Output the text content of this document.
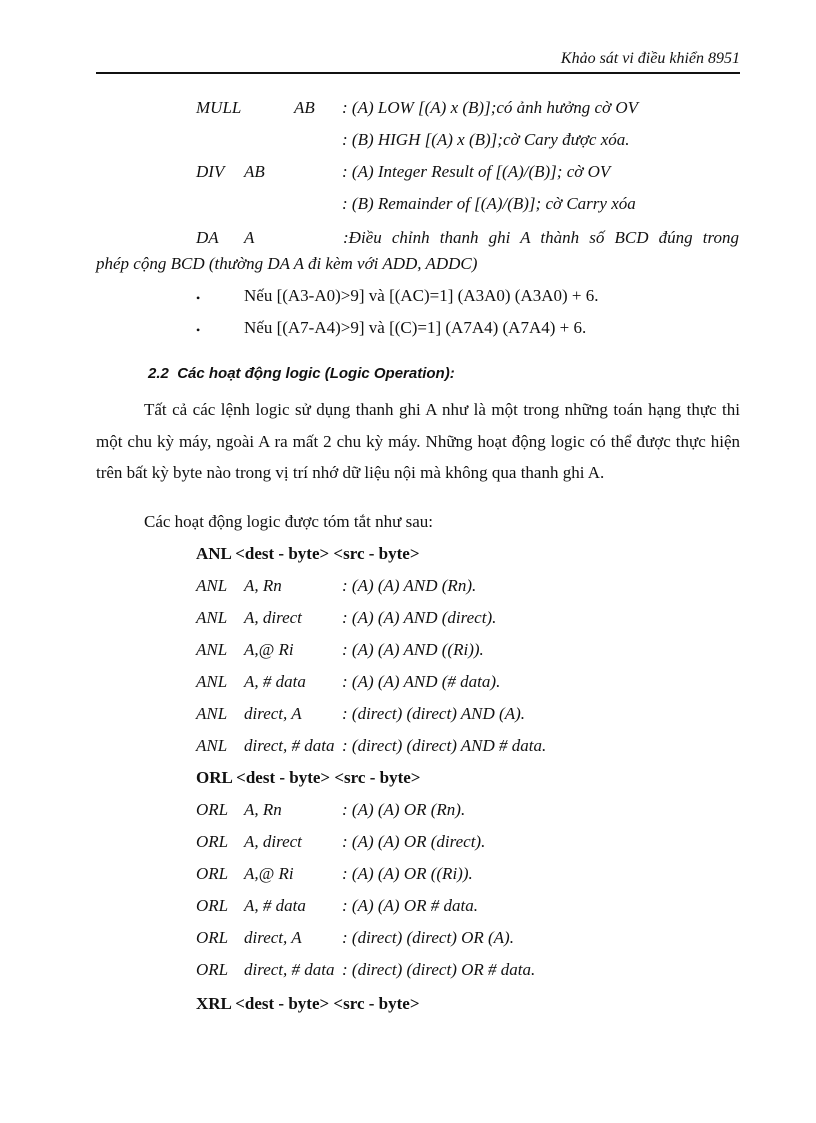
Khảo sát vi điều khiển 8951
MULL	AB : (A) LOW [(A) x (B)];có ảnh hưởng cờ OV
: (B) HIGH [(A) x (B)];cờ Cary được xóa.
DIV AB	: (A) Integer Result of [(A)/(B)]; cờ OV
: (B) Remainder of [(A)/(B)]; cờ Carry xóa
DA A	:Điều chỉnh thanh ghi A thành số BCD đúng trong
phép cộng BCD (thường DA A đi kèm với ADD, ADDC)
•	Nếu [(A3-A0)>9] và [(AC)=1] (A3A0) (A3A0) + 6.
•	Nếu [(A7-A4)>9] và [(C)=1] (A7A4) (A7A4) + 6.
2.2 Các hoạt động logic (Logic Operation):
Tất cả các lệnh logic sử dụng thanh ghi A như là một trong những toán hạng thực thi một chu kỳ máy, ngoài A ra mất 2 chu kỳ máy. Những hoạt động logic có thể được thực hiện trên bất kỳ byte nào trong vị trí nhớ dữ liệu nội mà không qua thanh ghi A.
Các hoạt động logic được tóm tắt như sau:
ANL <dest - byte> <src - byte>
ANL A, Rn	: (A) (A) AND (Rn).
ANL A, direct : (A) (A) AND (direct).
ANL A,@ Ri	: (A) (A) AND ((Ri)).
ANL A, # data : (A) (A) AND (# data).
ANL direct, A : (direct) (direct) AND (A).
ANL direct, # data : (direct) (direct) AND # data.
ORL <dest - byte> <src - byte>
ORL A, Rn	: (A) (A) OR (Rn).
ORL A, direct : (A) (A) OR (direct).
ORL A,@ Ri	: (A) (A) OR ((Ri)).
ORL A, # data : (A) (A) OR # data.
ORL direct, A : (direct) (direct) OR (A).
ORL direct, # data : (direct) (direct) OR # data.
XRL <dest - byte> <src - byte>
